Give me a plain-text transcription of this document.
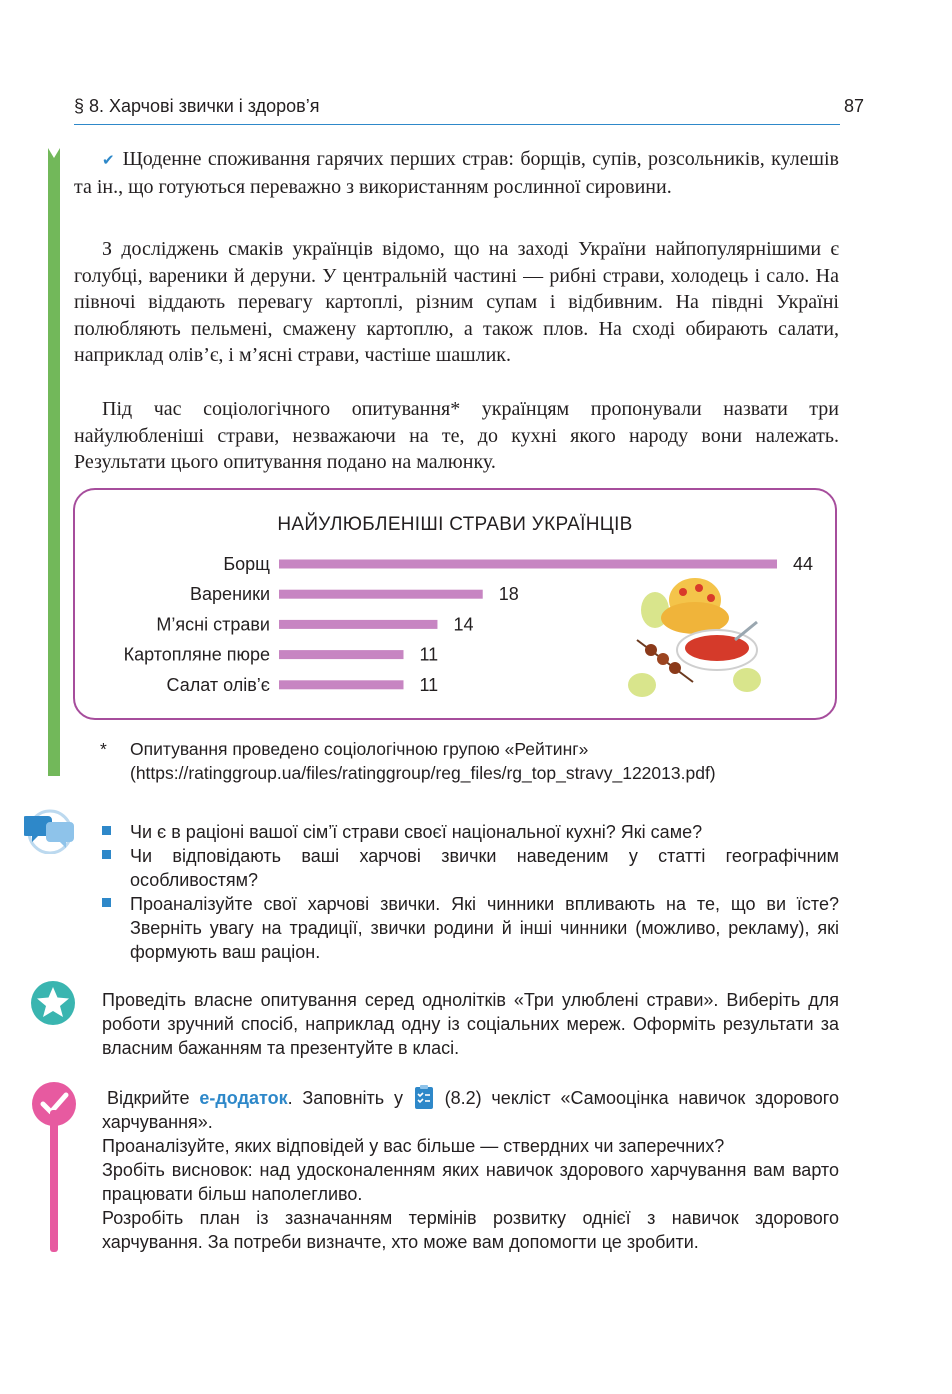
§ 8. Харчові звички і здоров’я	87

✔ Щоденне споживання гарячих перших страв: борщів, супів, розсольників, кулешів та ін., що готуються переважно з використанням рослинної сировини.

З досліджень смаків українців відомо, що на заході України найпопулярнішими є голубці, вареники й деруни. У центральній частині — рибні страви, холодець і сало. На півночі віддають перевагу картоплі, різним супам і відбивним. На півдні Україні полюбляють пельмені, смажену картоплю, а також плов. На сході обирають салати, наприклад олів’є, і м’ясні страви, частіше шашлик.

Під час соціологічного опитування* українцям пропонували назвати три найулюбленіші страви, незважаючи на те, до кухні якого народу вони належать. Результати цього опитування подано на малюнку.

НАЙУЛЮБЛЕНІШІ СТРАВИ УКРАЇНЦІВ
Борщ	44
Вареники	18
М’ясні страви	14
Картопляне пюре	11
Салат олів’є	11
* Опитування проведено соціологічною групою «Рейтинг»
(https://ratinggroup.ua/files/ratinggroup/reg_files/rg_top_stravy_122013.pdf)
Чи є в раціоні вашої сім’ї страви своєї національної кухні? Які саме?
Чи відповідають ваші харчові звички наведеним у статті географічним особливостям?
Проаналізуйте свої харчові звички. Які чинники впливають на те, що ви їсте? Зверніть увагу на традиції, звички родини й інші чинники (можливо, рекламу), які формують ваш раціон.

Проведіть власне опитування серед однолітків «Три улюблені страви». Виберіть для роботи зручний спосіб, наприклад одну із соціальних мереж. Оформіть результати за власним бажанням та презентуйте в класі.

Відкрийте е-додаток. Заповніть у (8.2) чекліст «Самооцінка навичок здорового харчування».
Проаналізуйте, яких відповідей у вас більше — ствердних чи заперечних?
Зробіть висновок: над удосконаленням яких навичок здорового харчування вам варто працювати більш наполегливо.
Розробіть план із зазначанням термінів розвитку однієї з навичок здорового харчування. За потреби визначте, хто може вам допомогти це зробити.
